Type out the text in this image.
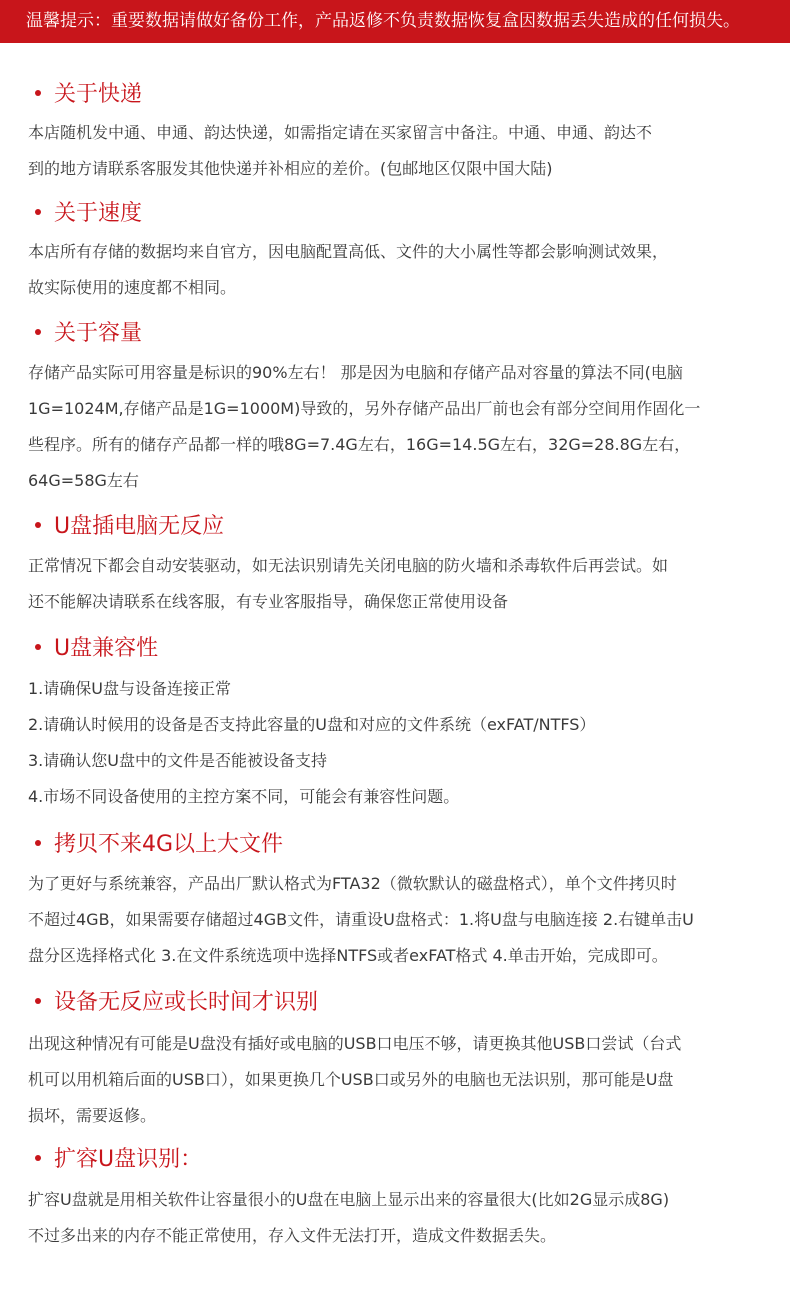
温馨提示：重要数据请做好备份工作，产品返修不负责数据恢复盒因数据丢失造成的任何损失。
关于快递
本店随机发中通、申通、韵达快递，如需指定请在买家留言中备注。中通、申通、韵达不
到的地方请联系客服发其他快递并补相应的差价。(包邮地区仅限中国大陆)
关于速度
本店所有存储的数据均来自官方，因电脑配置高低、文件的大小属性等都会影响测试效果，
故实际使用的速度都不相同。
关于容量
存储产品实际可用容量是标识的90%左右！ 那是因为电脑和存储产品对容量的算法不同(电脑
1G=1024M,存储产品是1G=1000M)导致的，另外存储产品出厂前也会有部分空间用作固化一
些程序。所有的储存产品都一样的哦8G=7.4G左右，16G=14.5G左右，32G=28.8G左右，
64G=58G左右
U盘插电脑无反应
正常情况下都会自动安装驱动，如无法识别请先关闭电脑的防火墙和杀毒软件后再尝试。如
还不能解决请联系在线客服，有专业客服指导，确保您正常使用设备
U盘兼容性
1.请确保U盘与设备连接正常
2.请确认时候用的设备是否支持此容量的U盘和对应的文件系统（exFAT/NTFS）
3.请确认您U盘中的文件是否能被设备支持
4.市场不同设备使用的主控方案不同，可能会有兼容性问题。
拷贝不来4G以上大文件
为了更好与系统兼容，产品出厂默认格式为FTA32（微软默认的磁盘格式），单个文件拷贝时
不超过4GB，如果需要存储超过4GB文件，请重设U盘格式：1.将U盘与电脑连接 2.右键单击U
盘分区选择格式化 3.在文件系统选项中选择NTFS或者exFAT格式 4.单击开始，完成即可。
设备无反应或长时间才识别
出现这种情况有可能是U盘没有插好或电脑的USB口电压不够，请更换其他USB口尝试（台式
机可以用机箱后面的USB口），如果更换几个USB口或另外的电脑也无法识别，那可能是U盘
损坏，需要返修。
扩容U盘识别：
扩容U盘就是用相关软件让容量很小的U盘在电脑上显示出来的容量很大(比如2G显示成8G)
不过多出来的内存不能正常使用，存入文件无法打开，造成文件数据丢失。
